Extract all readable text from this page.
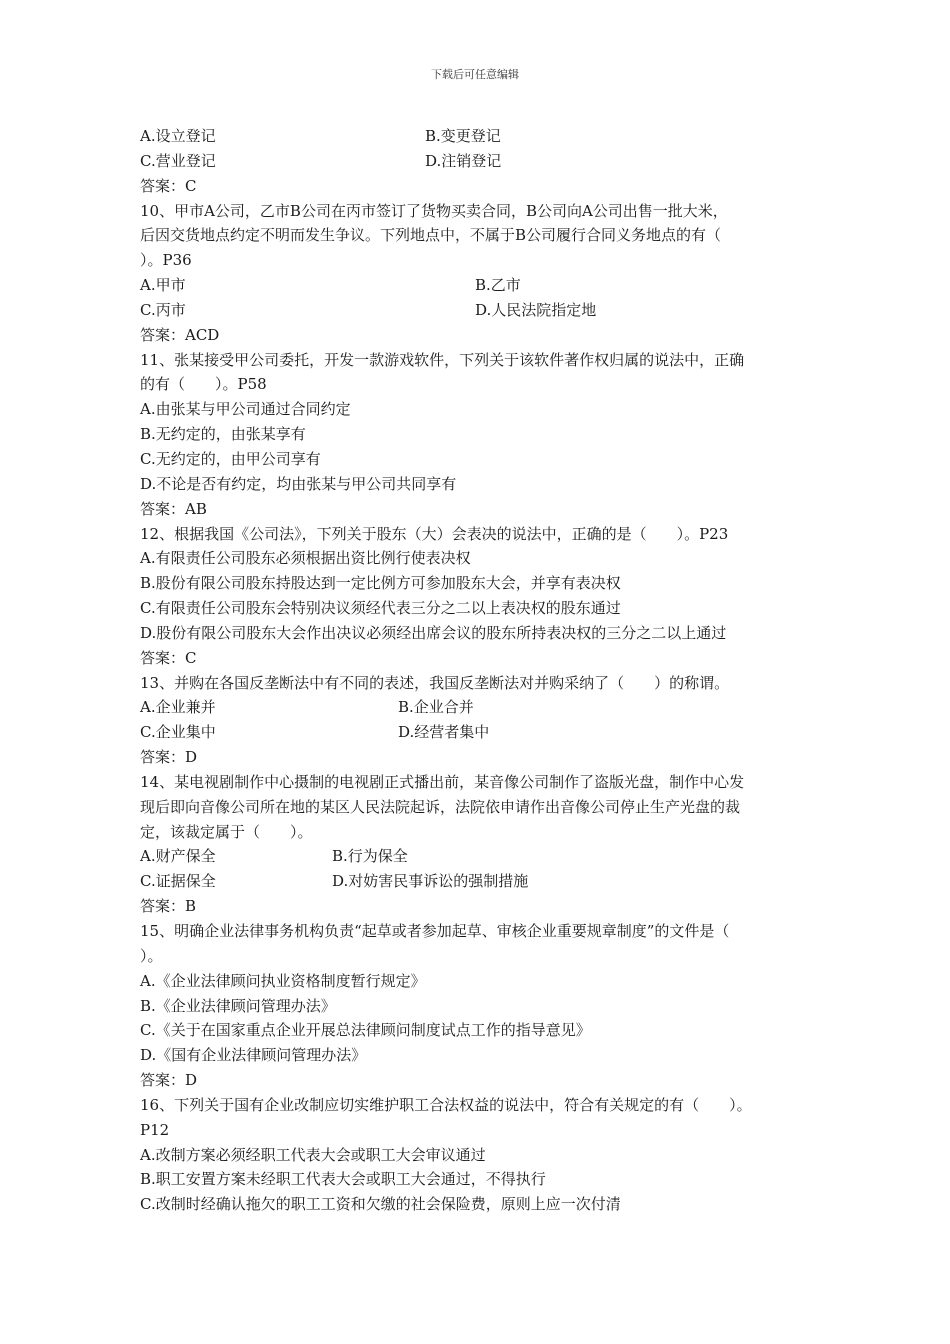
下载后可任意编辑
A.设立登记	B.变更登记
C.营业登记	D.注销登记
答案：C
10、甲市A公司，乙市B公司在丙市签订了货物买卖合同，B公司向A公司出售一批大米，
后因交货地点约定不明而发生争议。下列地点中，不属于B公司履行合同义务地点的有（
）。P36
A.甲市	B.乙市
C.丙市	D.人民法院指定地
答案：ACD
11、张某接受甲公司委托，开发一款游戏软件，下列关于该软件著作权归属的说法中，正确
的有（　　）。P58
A.由张某与甲公司通过合同约定
B.无约定的，由张某享有
C.无约定的，由甲公司享有
D.不论是否有约定，均由张某与甲公司共同享有
答案：AB
12、根据我国《公司法》，下列关于股东（大）会表决的说法中，正确的是（　　）。P23
A.有限责任公司股东必须根据出资比例行使表决权
B.股份有限公司股东持股达到一定比例方可参加股东大会，并享有表决权
C.有限责任公司股东会特别决议须经代表三分之二以上表决权的股东通过
D.股份有限公司股东大会作出决议必须经出席会议的股东所持表决权的三分之二以上通过
答案：C
13、并购在各国反垄断法中有不同的表述，我国反垄断法对并购采纳了（　　）的称谓。
A.企业兼并	B.企业合并
C.企业集中	D.经营者集中
答案：D
14、某电视剧制作中心摄制的电视剧正式播出前，某音像公司制作了盗版光盘，制作中心发
现后即向音像公司所在地的某区人民法院起诉，法院依申请作出音像公司停止生产光盘的裁
定，该裁定属于（　　）。
A.财产保全	B.行为保全
C.证据保全	D.对妨害民事诉讼的强制措施
答案：B
15、明确企业法律事务机构负责“起草或者参加起草、审核企业重要规章制度”的文件是（
）。
A.《企业法律顾问执业资格制度暂行规定》
B.《企业法律顾问管理办法》
C.《关于在国家重点企业开展总法律顾问制度试点工作的指导意见》
D.《国有企业法律顾问管理办法》
答案：D
16、下列关于国有企业改制应切实维护职工合法权益的说法中，符合有关规定的有（　　）。
P12
A.改制方案必须经职工代表大会或职工大会审议通过
B.职工安置方案未经职工代表大会或职工大会通过，不得执行
C.改制时经确认拖欠的职工工资和欠缴的社会保险费，原则上应一次付清
